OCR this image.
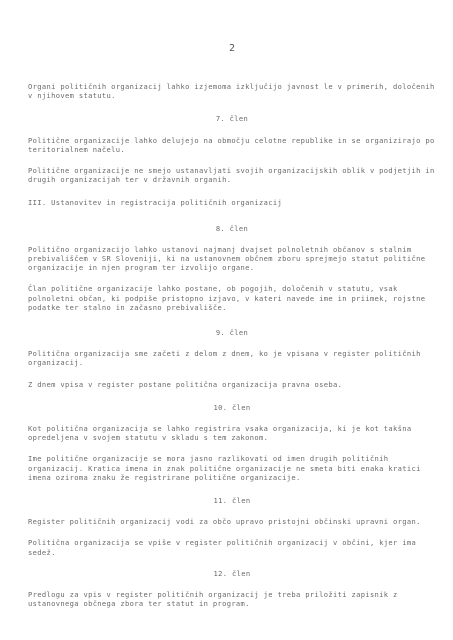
2

Organi političnih organizacij lahko izjemoma izključijo javnost le v primerih, določenih v njihovem statutu.

7. člen

Politične organizacije lahko delujejo na območju celotne republike in se organizirajo po teritorialnem načelu.

Politične organizacije ne smejo ustanavljati svojih organizacijskih oblik v podjetjih in drugih organizacijah ter v državnih organih.

III. Ustanovitev in registracija političnih organizacij

8. člen

Politično organizacijo lahko ustanovi najmanj dvajset polnoletnih občanov s stalnim prebivališčem v SR Sloveniji, ki na ustanovnem občnem zboru sprejmejo statut politične organizacije in njen program ter izvolijo organe.

Član politične organizacije lahko postane, ob pogojih, določenih v statutu, vsak polnoletni občan, ki podpiše pristopno izjavo, v kateri navede ime in priimek, rojstne podatke ter stalno in začasno prebivališče.

9. člen

Politična organizacija sme začeti z delom z dnem, ko je vpisana v register političnih organizacij.

Z dnem vpisa v register postane politična organizacija pravna oseba.

10. člen

Kot politična organizacija se lahko registrira vsaka organizacija, ki je kot takšna opredeljena v svojem statutu v skladu s tem zakonom.

Ime politične organizacije se mora jasno razlikovati od imen drugih političnih organizacij. Kratica imena in znak politične organizacije ne smeta biti enaka kratici imena oziroma znaku že registrirane politične organizacije.

11. člen

Register političnih organizacij vodi za občo upravo pristojni občinski upravni organ.

Politična organizacija se vpiše v register političnih organizacij v občini, kjer ima sedež.

12. člen

Predlogu za vpis v register političnih organizacij je treba priložiti zapisnik z ustanovnega občnega zbora ter statut in program.
